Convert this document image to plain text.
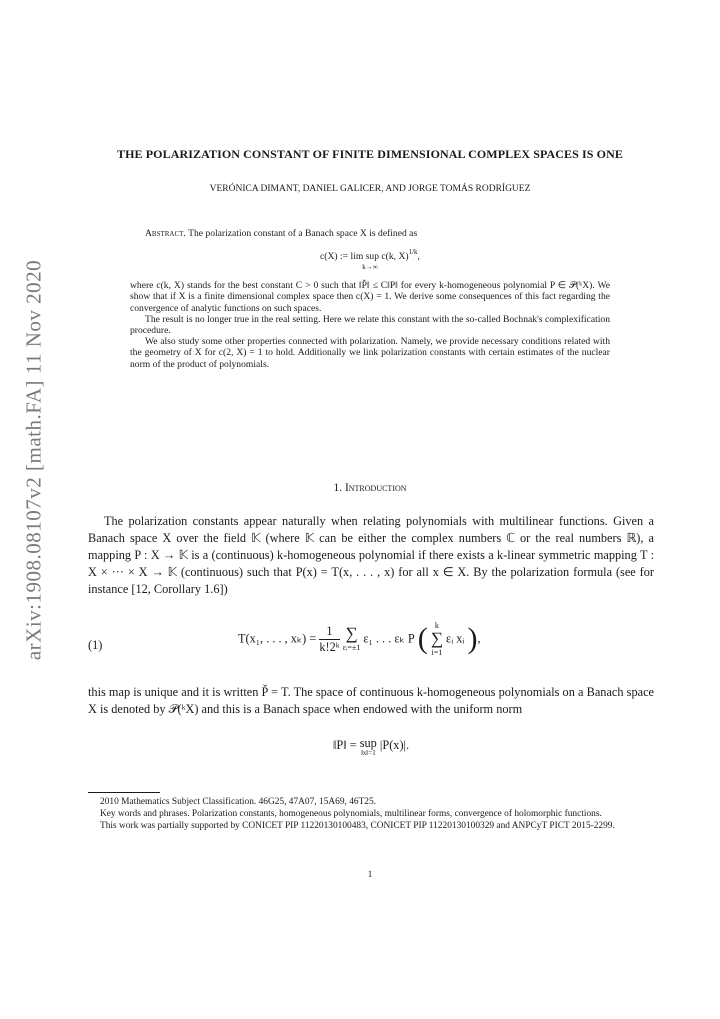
arXiv:1908.08107v2 [math.FA] 11 Nov 2020
THE POLARIZATION CONSTANT OF FINITE DIMENSIONAL COMPLEX SPACES IS ONE
VERÓNICA DIMANT, DANIEL GALICER, AND JORGE TOMÁS RODRÍGUEZ

Abstract. The polarization constant of a Banach space X is defined as

c(X) := lim sup c(k, X)$^{1/k}$,
k→∞

where c(k, X) stands for the best constant C > 0 such that ‖P̌‖ ≤ C‖P‖ for every k-homogeneous polynomial P ∈ 𝒫(ᵏX). We show that if X is a finite dimensional complex space then c(X) = 1. We derive some consequences of this fact regarding the convergence of analytic functions on such spaces.

The result is no longer true in the real setting. Here we relate this constant with the so-called Bochnak's complexification procedure.

We also study some other properties connected with polarization. Namely, we provide necessary conditions related with the geometry of X for c(2, X) = 1 to hold. Additionally we link polarization constants with certain estimates of the nuclear norm of the product of polynomials.

1. Introduction

The polarization constants appear naturally when relating polynomials with multilinear functions. Given a Banach space X over the field 𝕂 (where 𝕂 can be either the complex numbers ℂ or the real numbers ℝ), a mapping P : X → 𝕂 is a (continuous) k-homogeneous polynomial if there exists a k-linear symmetric mapping T : X × ··· × X → 𝕂 (continuous) such that P(x) = T(x, . . . , x) for all x ∈ X. By the polarization formula (see for instance [12, Corollary 1.6])

(1)	T(x₁, . . . , $x_k) = \frac{1}{\text{k!2ᵏ}}$
∑
εᵢ=±1
ε₁ . . . εₖ P ( k
∑
i=1
εᵢ xᵢ ),

this map is unique and it is written P̌ = T. The space of continuous k-homogeneous polynomials on a Banach space X is denoted by 𝒫(ᵏX) and this is a Banach space when endowed with the uniform norm

‖P‖ = sup
‖x‖=1
|P(x)|.

2010 Mathematics Subject Classification. 46G25, 47A07, 15A69, 46T25.

Key words and phrases. Polarization constants, homogeneous polynomials, multilinear forms, convergence of holomorphic functions.

This work was partially supported by CONICET PIP 11220130100483, CONICET PIP 11220130100329 and ANPCyT PICT 2015-2299.

1
